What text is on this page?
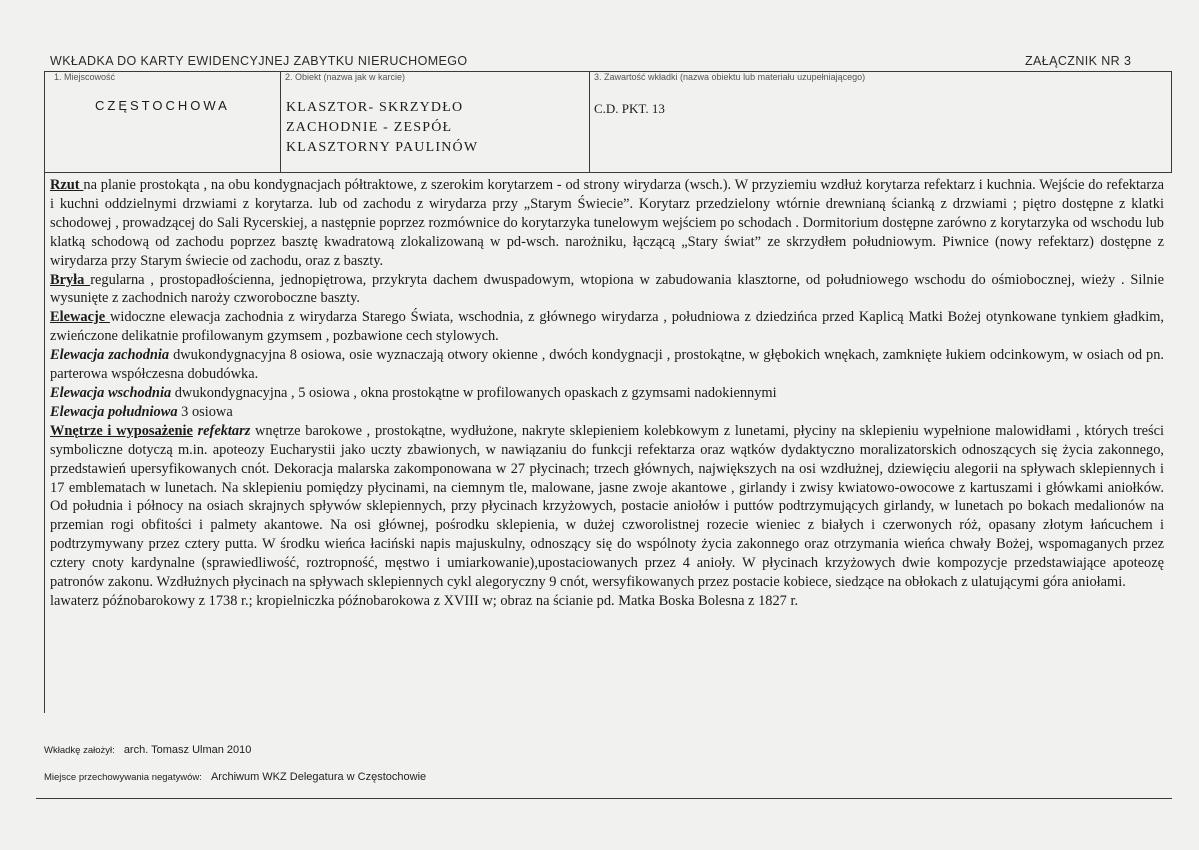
WKŁADKA DO KARTY EWIDENCYJNEJ ZABYTKU NIERUCHOMEGO	ZAŁĄCZNIK NR 3
1. Miejscowość
CZĘSTOCHOWA
2. Obiekt (nazwa jak w karcie)
KLASZTOR- SKRZYDŁO
ZACHODNIE - ZESPÓŁ
KLASZTORNY PAULINÓW
3. Zawartość wkładki (nazwa obiektu lub materiału uzupełniającego)
C.D. PKT. 13

Rzut na planie prostokąta , na obu kondygnacjach półtraktowe, z szerokim korytarzem - od strony wirydarza (wsch.). W przyziemiu wzdłuż korytarza refektarz i kuchnia. Wejście do refektarza i kuchni oddzielnymi drzwiami z korytarza. lub od zachodu z wirydarza przy „Starym Świecie”. Korytarz przedzielony wtórnie drewnianą ścianką z drzwiami ; piętro dostępne z klatki schodowej , prowadzącej do Sali Rycerskiej, a następnie poprzez rozmównice do korytarzyka tunelowym wejściem po schodach . Dormitorium dostępne zarówno z korytarzyka od wschodu lub klatką schodową od zachodu poprzez basztę kwadratową zlokalizowaną w pd-wsch. narożniku, łączącą „Stary świat” ze skrzydłem południowym. Piwnice (nowy refektarz) dostępne z wirydarza przy Starym świecie od zachodu, oraz z baszty.

Bryła regularna , prostopadłościenna, jednopiętrowa, przykryta dachem dwuspadowym, wtopiona w zabudowania klasztorne, od południowego wschodu do ośmiobocznej, wieży . Silnie wysunięte z zachodnich naroży czworoboczne baszty.

Elewacje widoczne elewacja zachodnia z wirydarza Starego Świata, wschodnia, z głównego wirydarza , południowa z dziedzińca przed Kaplicą Matki Bożej otynkowane tynkiem gładkim, zwieńczone delikatnie profilowanym gzymsem , pozbawione cech stylowych.

Elewacja zachodnia dwukondygnacyjna 8 osiowa, osie wyznaczają otwory okienne , dwóch kondygnacji , prostokątne, w głębokich wnękach, zamknięte łukiem odcinkowym, w osiach od pn. parterowa współczesna dobudówka.

Elewacja wschodnia dwukondygnacyjna , 5 osiowa , okna prostokątne w profilowanych opaskach z gzymsami nadokiennymi

Elewacja południowa 3 osiowa

Wnętrze i wyposażenie refektarz wnętrze barokowe , prostokątne, wydłużone, nakryte sklepieniem kolebkowym z lunetami, płyciny na sklepieniu wypełnione malowidłami , których treści symboliczne dotyczą m.in. apoteozy Eucharystii jako uczty zbawionych, w nawiązaniu do funkcji refektarza oraz wątków dydaktyczno moralizatorskich odnoszących się życia zakonnego, przedstawień upersyfikowanych cnót. Dekoracja malarska zakomponowana w 27 płycinach; trzech głównych, największych na osi wzdłużnej, dziewięciu alegorii na spływach sklepiennych i 17 emblematach w lunetach. Na sklepieniu pomiędzy płycinami, na ciemnym tle, malowane, jasne zwoje akantowe , girlandy i zwisy kwiatowo-owocowe z kartuszami i główkami aniołków. Od południa i północy na osiach skrajnych spływów sklepiennych, przy płycinach krzyżowych, postacie aniołów i puttów podtrzymujących girlandy, w lunetach po bokach medalionów na przemian rogi obfitości i palmety akantowe. Na osi głównej, pośrodku sklepienia, w dużej czworolistnej rozecie wieniec z białych i czerwonych róż, opasany złotym łańcuchem i podtrzymywany przez cztery putta. W środku wieńca łaciński napis majuskulny, odnoszący się do wspólnoty życia zakonnego oraz otrzymania wieńca chwały Bożej, wspomaganych przez cztery cnoty kardynalne (sprawiedliwość, roztropność, męstwo i umiarkowanie),upostaciowanych przez 4 anioły. W płycinach krzyżowych dwie kompozycje przedstawiające apoteozę patronów zakonu. Wzdłużnych płycinach na spływach sklepiennych cykl alegoryczny 9 cnót, wersyfikowanych przez postacie kobiece, siedzące na obłokach z ulatującymi góra aniołami.

lawaterz późnobarokowy z 1738 r.; kropielniczka późnobarokowa z XVIII w; obraz na ścianie pd. Matka Boska Bolesna z 1827 r.

Wkładkę założył: arch. Tomasz Ulman 2010
Miejsce przechowywania negatywów: Archiwum WKZ Delegatura w Częstochowie
